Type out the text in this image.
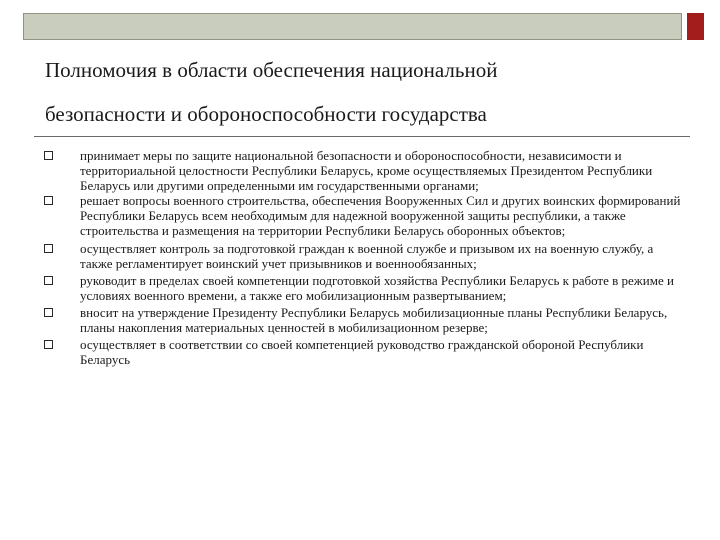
Полномочия в области обеспечения национальной
безопасности и обороноспособности государства
принимает меры по защите национальной безопасности и обороноспособности, независимости и территориальной целостности Республики Беларусь, кроме осуществляемых Президентом Республики Беларусь или другими определенными им государственными органами;
решает вопросы военного строительства, обеспечения Вооруженных Сил и других воинских формирований Республики Беларусь всем необходимым для надежной вооруженной защиты республики, а также строительства и размещения на территории Республики Беларусь оборонных объектов;
осуществляет контроль за подготовкой граждан к военной службе и призывом их на военную службу, а также регламентирует воинский учет призывников и военнообязанных;
руководит в пределах своей компетенции подготовкой хозяйства Республики Беларусь к работе в режиме и условиях военного времени, а также его мобилизационным развертыванием;
вносит на утверждение Президенту Республики Беларусь мобилизационные планы Республики Беларусь, планы накопления материальных ценностей в мобилизационном резерве;
осуществляет в соответствии со своей компетенцией руководство гражданской обороной Республики Беларусь
